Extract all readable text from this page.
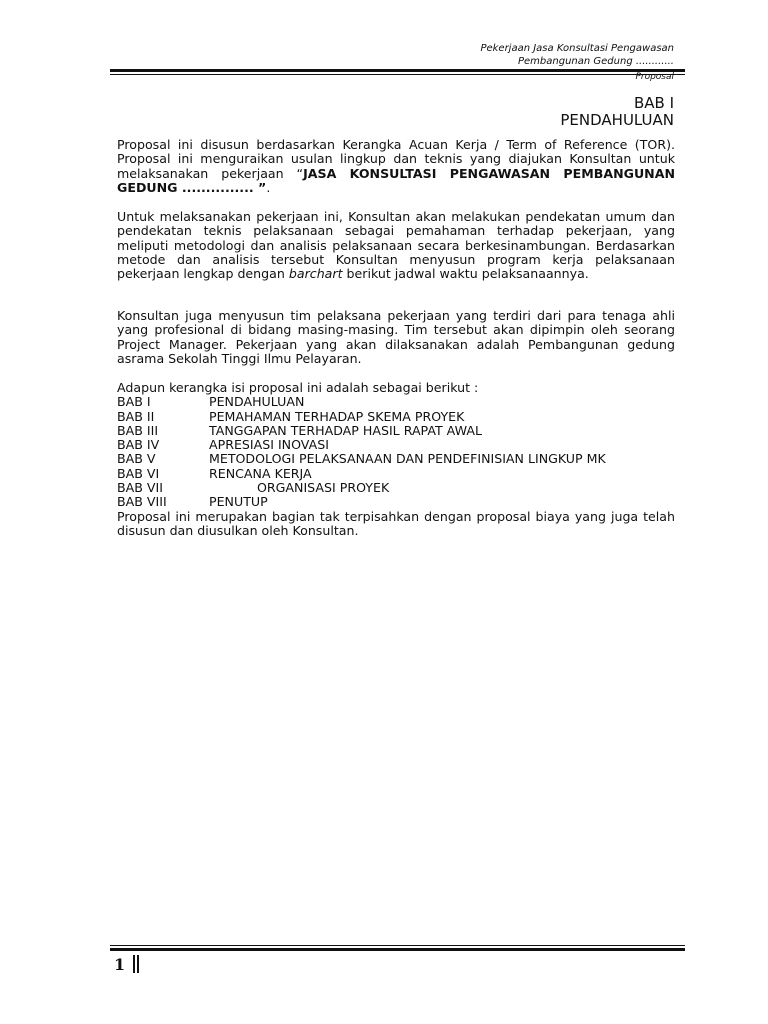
Pekerjaan Jasa Konsultasi Pengawasan
Pembangunan Gedung ............
Proposal
BAB I
PENDAHULUAN

Proposal ini disusun berdasarkan Kerangka Acuan Kerja / Term of Reference (TOR). Proposal ini menguraikan usulan lingkup dan teknis yang diajukan Konsultan untuk melaksanakan pekerjaan “JASA KONSULTASI PENGAWASAN PEMBANGUNAN GEDUNG ............... ”.

Untuk melaksanakan pekerjaan ini, Konsultan akan melakukan pendekatan umum dan pendekatan teknis pelaksanaan sebagai pemahaman terhadap pekerjaan, yang meliputi metodologi dan analisis pelaksanaan secara berkesinambungan. Berdasarkan metode dan analisis tersebut Konsultan menyusun program kerja pelaksanaan pekerjaan lengkap dengan barchart berikut jadwal waktu pelaksanaannya.

Konsultan juga menyusun tim pelaksana pekerjaan yang terdiri dari para tenaga ahli yang profesional di bidang masing-masing. Tim tersebut akan dipimpin oleh seorang Project Manager. Pekerjaan yang akan dilaksanakan adalah Pembangunan gedung asrama Sekolah Tinggi Ilmu Pelayaran.

Adapun kerangka isi proposal ini adalah sebagai berikut :
BAB I	PENDAHULUAN
BAB II	PEMAHAMAN TERHADAP SKEMA PROYEK
BAB III	TANGGAPAN TERHADAP HASIL RAPAT AWAL
BAB IV	APRESIASI INOVASI
BAB V	METODOLOGI PELAKSANAAN DAN PENDEFINISIAN LINGKUP MK
BAB VI	RENCANA KERJA
BAB VII	ORGANISASI PROYEK
BAB VIII	PENUTUP

Proposal ini merupakan bagian tak terpisahkan dengan proposal biaya yang juga telah disusun dan diusulkan oleh Konsultan.

1
